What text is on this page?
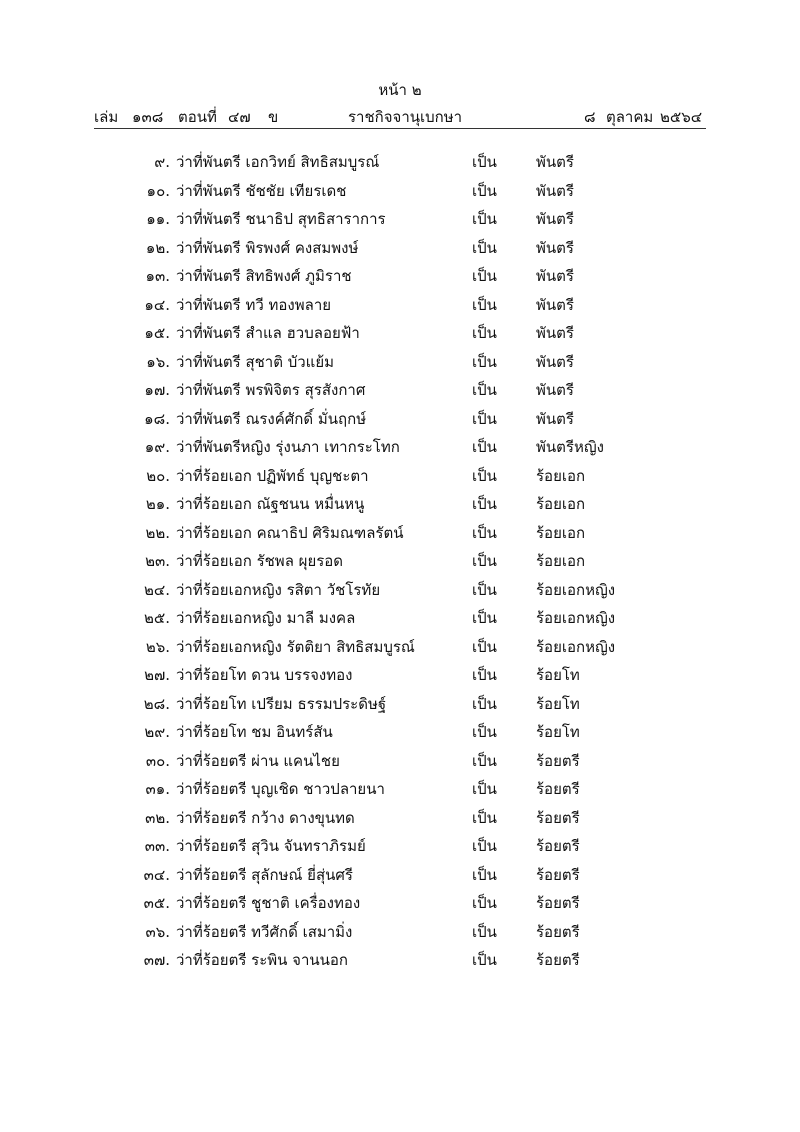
หน้า ๒
เล่ม ๑๓๘ ตอนที่ ๔๗ ข	ราชกิจจานุเบกษา	๘ ตุลาคม ๒๕๖๔
๙. ว่าที่พันตรี เอกวิทย์ สิทธิสมบูรณ์	เป็น	พันตรี
๑๐. ว่าที่พันตรี ชัชชัย เทียรเดช	เป็น	พันตรี
๑๑. ว่าที่พันตรี ชนาธิป สุทธิสาราการ	เป็น	พันตรี
๑๒. ว่าที่พันตรี พิรพงศ์ คงสมพงษ์	เป็น	พันตรี
๑๓. ว่าที่พันตรี สิทธิพงศ์ ภูมิราช	เป็น	พันตรี
๑๔. ว่าที่พันตรี ทวี ทองพลาย	เป็น	พันตรี
๑๕. ว่าที่พันตรี สำแล ฮวบลอยฟ้า	เป็น	พันตรี
๑๖. ว่าที่พันตรี สุชาติ บัวแย้ม	เป็น	พันตรี
๑๗. ว่าที่พันตรี พรพิจิตร สุรสังกาศ	เป็น	พันตรี
๑๘. ว่าที่พันตรี ณรงค์ศักดิ์ มั่นฤกษ์	เป็น	พันตรี
๑๙. ว่าที่พันตรีหญิง รุ่งนภา เทากระโทก	เป็น	พันตรีหญิง
๒๐. ว่าที่ร้อยเอก ปฏิพัทธ์ บุญชะตา	เป็น	ร้อยเอก
๒๑. ว่าที่ร้อยเอก ณัฐชนน หมื่นหนู	เป็น	ร้อยเอก
๒๒. ว่าที่ร้อยเอก คณาธิป ศิริมณฑลรัตน์	เป็น	ร้อยเอก
๒๓. ว่าที่ร้อยเอก รัชพล ผุยรอด	เป็น	ร้อยเอก
๒๔. ว่าที่ร้อยเอกหญิง รสิตา วัชโรทัย	เป็น	ร้อยเอกหญิง
๒๕. ว่าที่ร้อยเอกหญิง มาลี มงคล	เป็น	ร้อยเอกหญิง
๒๖. ว่าที่ร้อยเอกหญิง รัตติยา สิทธิสมบูรณ์	เป็น	ร้อยเอกหญิง
๒๗. ว่าที่ร้อยโท ดวน บรรจงทอง	เป็น	ร้อยโท
๒๘. ว่าที่ร้อยโท เปรียม ธรรมประดิษฐ์	เป็น	ร้อยโท
๒๙. ว่าที่ร้อยโท ชม อินทร์สัน	เป็น	ร้อยโท
๓๐. ว่าที่ร้อยตรี ผ่าน แคนไชย	เป็น	ร้อยตรี
๓๑. ว่าที่ร้อยตรี บุญเชิด ชาวปลายนา	เป็น	ร้อยตรี
๓๒. ว่าที่ร้อยตรี กว้าง ดางขุนทด	เป็น	ร้อยตรี
๓๓. ว่าที่ร้อยตรี สุวิน จันทราภิรมย์	เป็น	ร้อยตรี
๓๔. ว่าที่ร้อยตรี สุลักษณ์ ยี่สุ่นศรี	เป็น	ร้อยตรี
๓๕. ว่าที่ร้อยตรี ชูชาติ เครื่องทอง	เป็น	ร้อยตรี
๓๖. ว่าที่ร้อยตรี ทวีศักดิ์ เสมามิ่ง	เป็น	ร้อยตรี
๓๗. ว่าที่ร้อยตรี ระพิน จานนอก	เป็น	ร้อยตรี
